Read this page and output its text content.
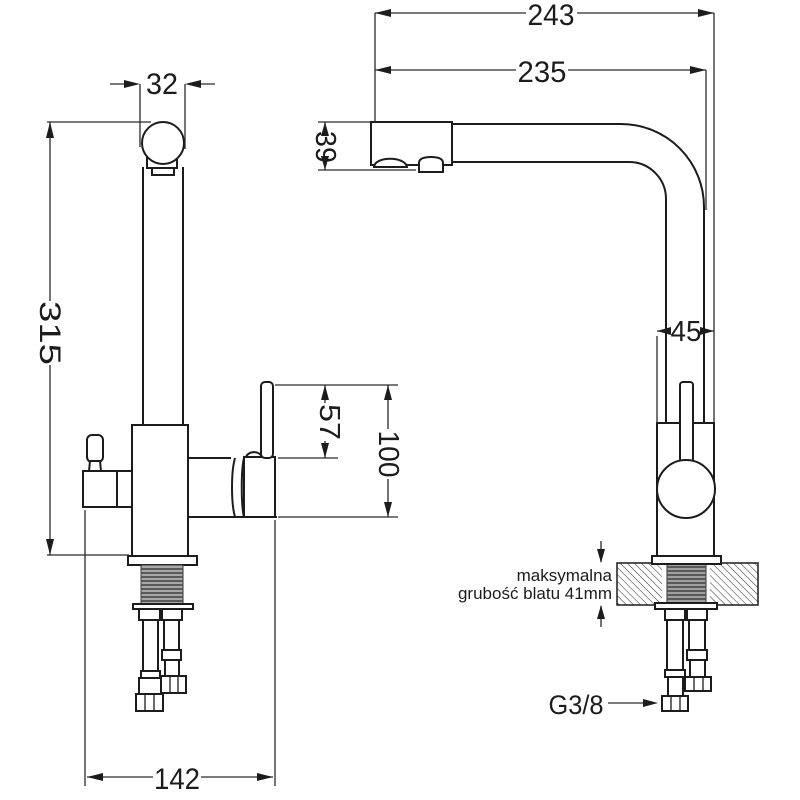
32
315
57
100
142
243
235
39
45
G3/8
maksymalna
grubość blatu 41mm
